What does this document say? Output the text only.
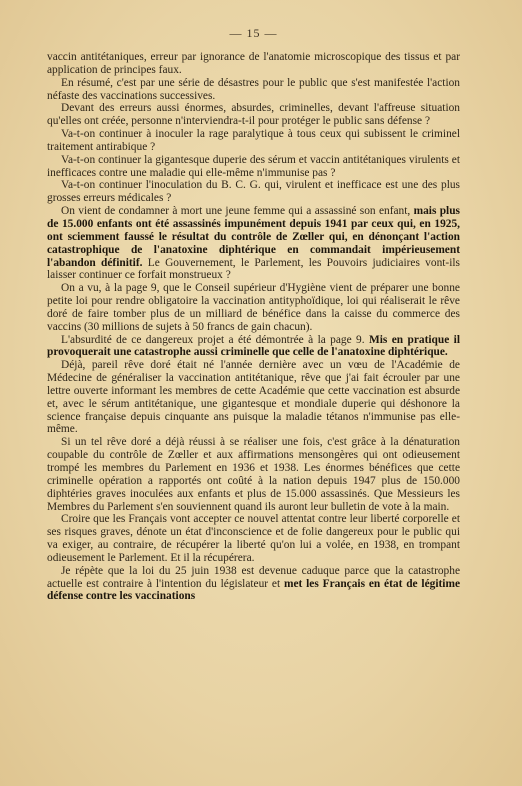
— 15 —

vaccin antitétaniques, erreur par ignorance de l'anatomie microscopique des tissus et par application de principes faux.

En résumé, c'est par une série de désastres pour le public que s'est manifestée l'action néfaste des vaccinations successives.

Devant des erreurs aussi énormes, absurdes, criminelles, devant l'affreuse situation qu'elles ont créée, personne n'interviendra-t-il pour protéger le public sans défense ?

Va-t-on continuer à inoculer la rage paralytique à tous ceux qui subissent le criminel traitement antirabique ?

Va-t-on continuer la gigantesque duperie des sérum et vaccin antitétaniques virulents et inefficaces contre une maladie qui elle-même n'immunise pas ?

Va-t-on continuer l'inoculation du B. C. G. qui, virulent et inefficace est une des plus grosses erreurs médicales ?

On vient de condamner à mort une jeune femme qui a assassiné son enfant, mais plus de 15.000 enfants ont été assassinés impunément depuis 1941 par ceux qui, en 1925, ont sciemment faussé le résultat du contrôle de Zœller qui, en dénonçant l'action catastrophique de l'anatoxine diphtérique en commandait impérieusement l'abandon définitif. Le Gouvernement, le Parlement, les Pouvoirs judiciaires vont-ils laisser continuer ce forfait monstrueux ?

On a vu, à la page 9, que le Conseil supérieur d'Hygiène vient de préparer une bonne petite loi pour rendre obligatoire la vaccination antityphoïdique, loi qui réaliserait le rêve doré de faire tomber plus de un milliard de bénéfice dans la caisse du commerce des vaccins (30 millions de sujets à 50 francs de gain chacun).

L'absurdité de ce dangereux projet a été démontrée à la page 9. Mis en pratique il provoquerait une catastrophe aussi criminelle que celle de l'anatoxine diphtérique.

Déjà, pareil rêve doré était né l'année dernière avec un vœu de l'Académie de Médecine de généraliser la vaccination antitétanique, rêve que j'ai fait écrouler par une lettre ouverte informant les membres de cette Académie que cette vaccination est absurde et, avec le sérum antitétanique, une gigantesque et mondiale duperie qui déshonore la science française depuis cinquante ans puisque la maladie tétanos n'immunise pas elle-même.

Si un tel rêve doré a déjà réussi à se réaliser une fois, c'est grâce à la dénaturation coupable du contrôle de Zœller et aux affirmations mensongères qui ont odieusement trompé les membres du Parlement en 1936 et 1938. Les énormes bénéfices que cette criminelle opération a rapportés ont coûté à la nation depuis 1947 plus de 150.000 diphtéries graves inoculées aux enfants et plus de 15.000 assassinés. Que Messieurs les Membres du Parlement s'en souviennent quand ils auront leur bulletin de vote à la main.

Croire que les Français vont accepter ce nouvel attentat contre leur liberté corporelle et ses risques graves, dénote un état d'inconscience et de folie dangereux pour le public qui va exiger, au contraire, de récupérer la liberté qu'on lui a volée, en 1938, en trompant odieusement le Parlement. Et il la récupérera.

Je répète que la loi du 25 juin 1938 est devenue caduque parce que la catastrophe actuelle est contraire à l'intention du législateur et met les Français en état de légitime défense contre les vaccinations
